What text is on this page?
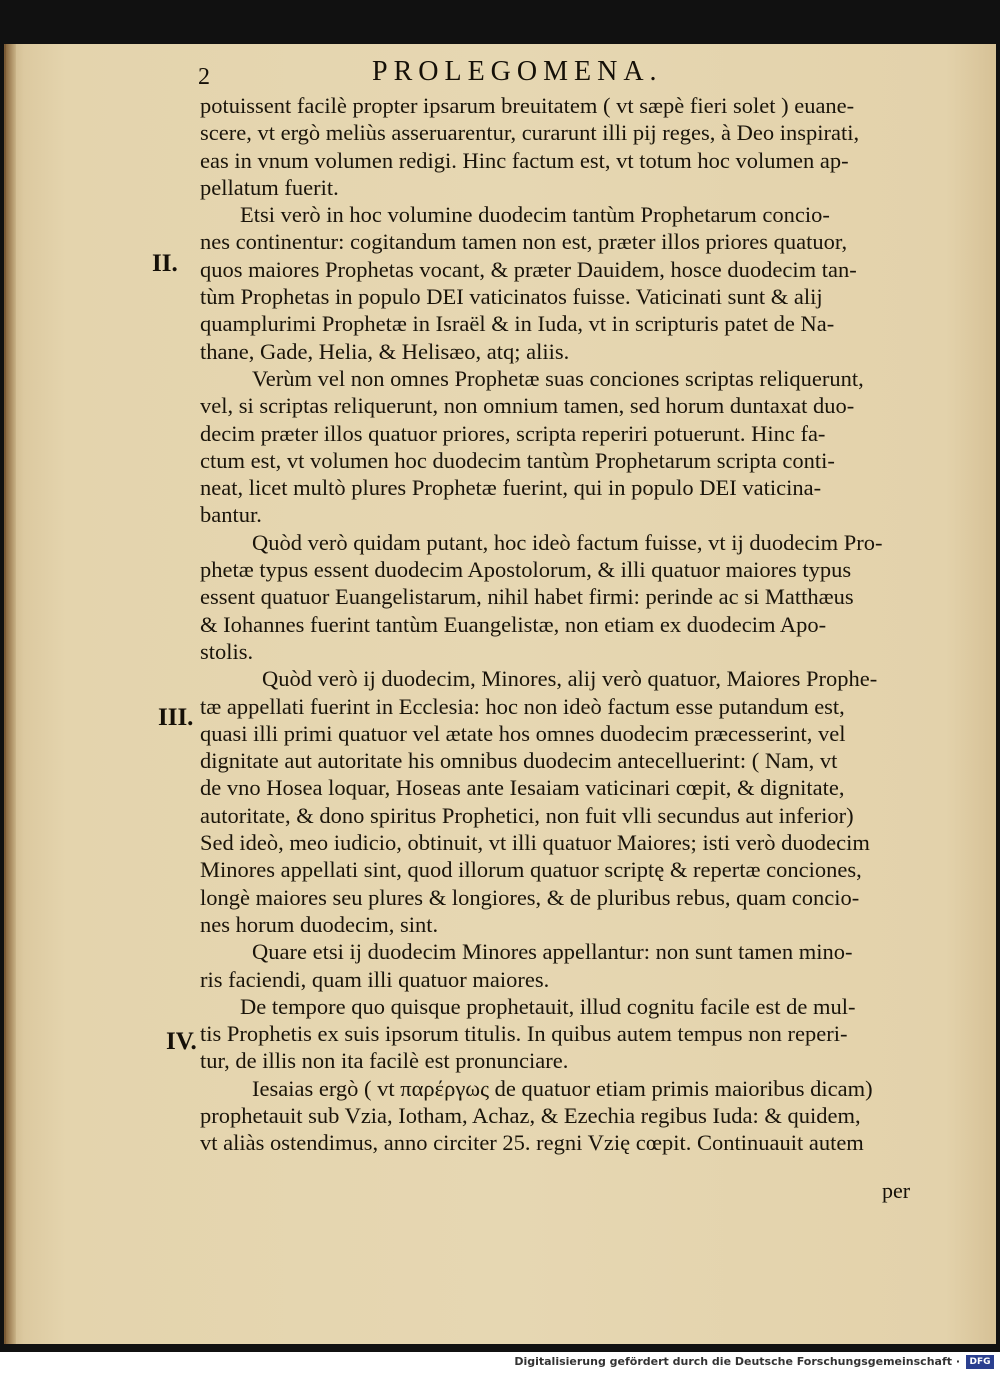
2	PROLEGOMENA.
II.
III.
IV.
potuissent facilè propter ipsarum breuitatem ( vt sæpè fieri solet ) euane-
scere, vt ergò meliùs asseruarentur, curarunt illi pij reges, à Deo inspirati,
eas in vnum volumen redigi. Hinc factum est, vt totum hoc volumen ap-
pellatum fuerit.
Etsi verò in hoc volumine duodecim tantùm Prophetarum concio-
nes continentur: cogitandum tamen non est, præter illos priores quatuor,
quos maiores Prophetas vocant, & præter Dauidem, hosce duodecim tan-
tùm Prophetas in populo DEI vaticinatos fuisse. Vaticinati sunt & alij
quamplurimi Prophetæ in Israël & in Iuda, vt in scripturis patet de Na-
thane, Gade, Helia, & Helisæo, atq; aliis.
Verùm vel non omnes Prophetæ suas conciones scriptas reliquerunt,
vel, si scriptas reliquerunt, non omnium tamen, sed horum duntaxat duo-
decim præter illos quatuor priores, scripta reperiri potuerunt. Hinc fa-
ctum est, vt volumen hoc duodecim tantùm Prophetarum scripta conti-
neat, licet multò plures Prophetæ fuerint, qui in populo DEI vaticina-
bantur.
Quòd verò quidam putant, hoc ideò factum fuisse, vt ij duodecim Pro-
phetæ typus essent duodecim Apostolorum, & illi quatuor maiores typus
essent quatuor Euangelistarum, nihil habet firmi: perinde ac si Matthæus
& Iohannes fuerint tantùm Euangelistæ, non etiam ex duodecim Apo-
stolis.
Quòd verò ij duodecim, Minores, alij verò quatuor, Maiores Prophe-
tæ appellati fuerint in Ecclesia: hoc non ideò factum esse putandum est,
quasi illi primi quatuor vel ætate hos omnes duodecim præcesserint, vel
dignitate aut autoritate his omnibus duodecim antecelluerint: ( Nam, vt
de vno Hosea loquar, Hoseas ante Iesaiam vaticinari cœpit, & dignitate,
autoritate, & dono spiritus Prophetici, non fuit vlli secundus aut inferior)
Sed ideò, meo iudicio, obtinuit, vt illi quatuor Maiores; isti verò duodecim
Minores appellati sint, quod illorum quatuor scriptę & repertæ conciones,
longè maiores seu plures & longiores, & de pluribus rebus, quam concio-
nes horum duodecim, sint.
Quare etsi ij duodecim Minores appellantur: non sunt tamen mino-
ris faciendi, quam illi quatuor maiores.
De tempore quo quisque prophetauit, illud cognitu facile est de mul-
tis Prophetis ex suis ipsorum titulis. In quibus autem tempus non reperi-
tur, de illis non ita facilè est pronunciare.
Iesaias ergò ( vt παρέργως de quatuor etiam primis maioribus dicam)
prophetauit sub Vzia, Iotham, Achaz, & Ezechia regibus Iuda: & quidem,
vt aliàs ostendimus, anno circiter 25. regni Vzię cœpit. Continuauit autem
per
Digitalisierung gefördert durch die Deutsche Forschungsgemeinschaft ·	DFG
